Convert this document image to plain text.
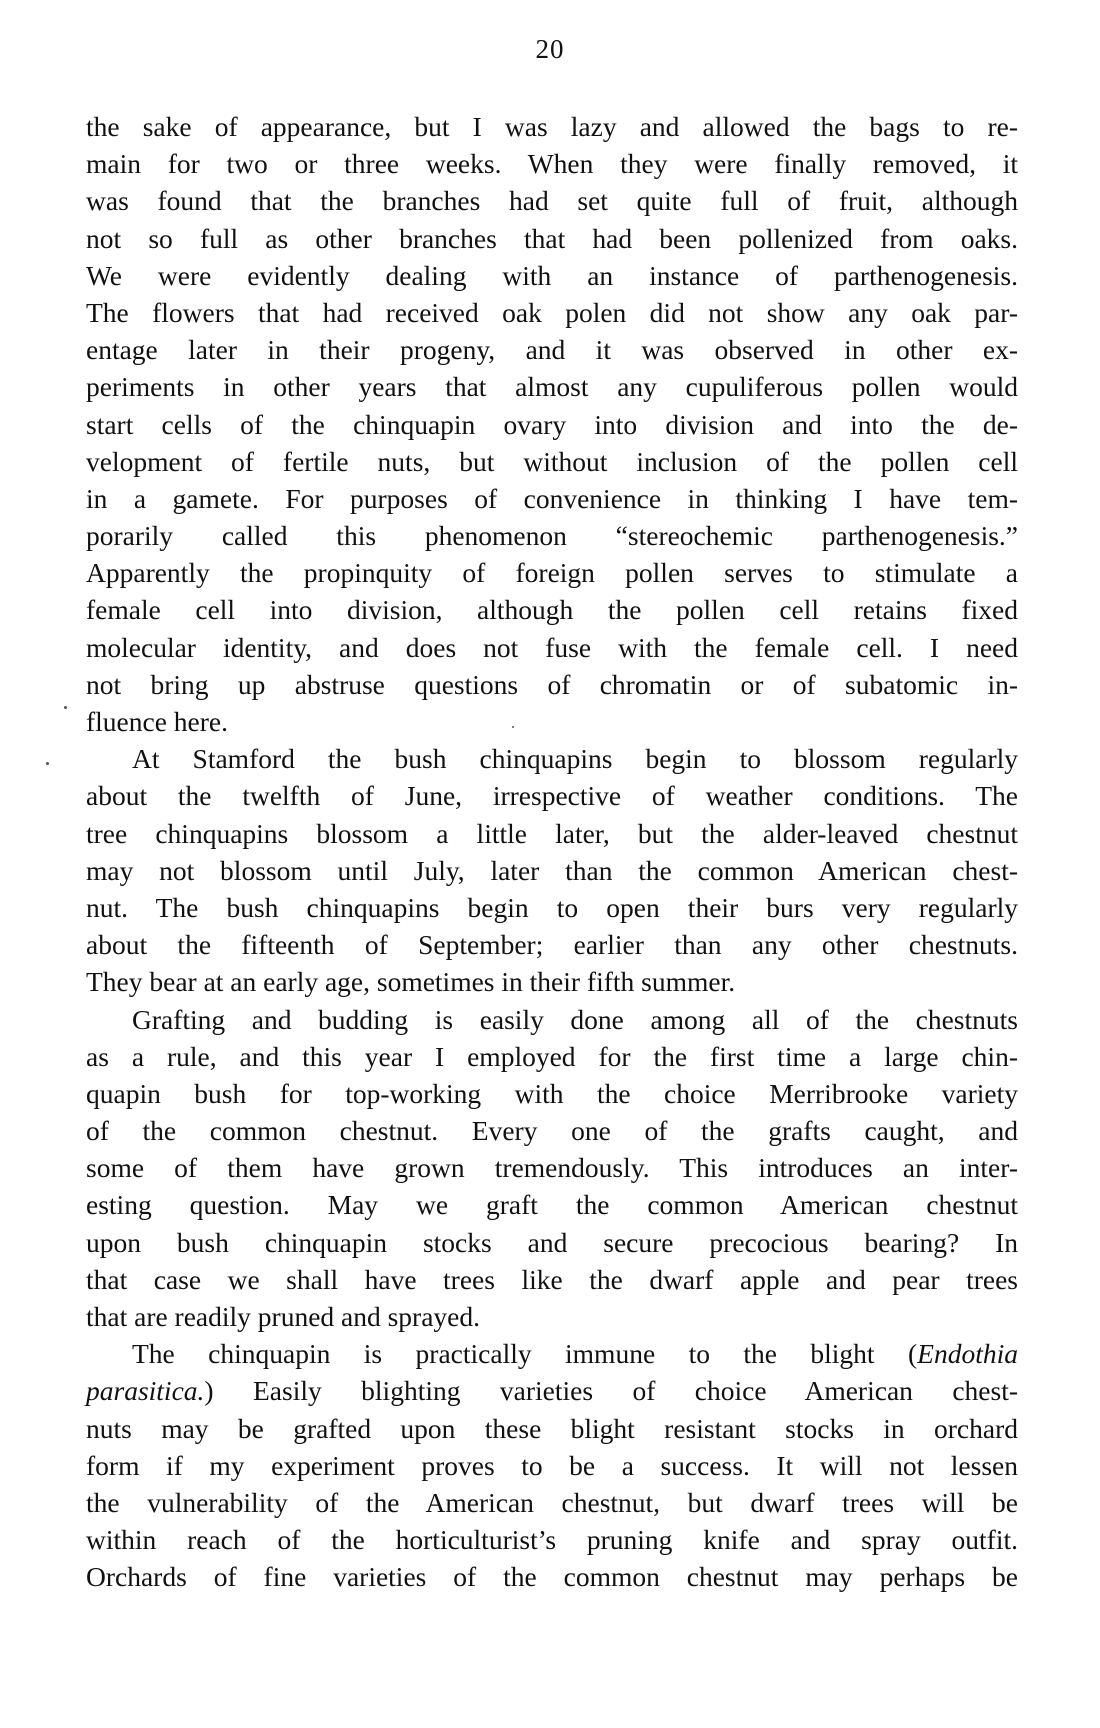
20
the sake of appearance, but I was lazy and allowed the bags to re-
main for two or three weeks. When they were finally removed, it
was found that the branches had set quite full of fruit, although
not so full as other branches that had been pollenized from oaks.
We were evidently dealing with an instance of parthenogenesis.
The flowers that had received oak polen did not show any oak par-
entage later in their progeny, and it was observed in other ex-
periments in other years that almost any cupuliferous pollen would
start cells of the chinquapin ovary into division and into the de-
velopment of fertile nuts, but without inclusion of the pollen cell
in a gamete. For purposes of convenience in thinking I have tem-
porarily called this phenomenon “stereochemic parthenogenesis.”
Apparently the propinquity of foreign pollen serves to stimulate a
female cell into division, although the pollen cell retains fixed
molecular identity, and does not fuse with the female cell. I need
not bring up abstruse questions of chromatin or of subatomic in-
fluence here.
At Stamford the bush chinquapins begin to blossom regularly
about the twelfth of June, irrespective of weather conditions. The
tree chinquapins blossom a little later, but the alder-leaved chestnut
may not blossom until July, later than the common American chest-
nut. The bush chinquapins begin to open their burs very regularly
about the fifteenth of September; earlier than any other chestnuts.
They bear at an early age, sometimes in their fifth summer.
Grafting and budding is easily done among all of the chestnuts
as a rule, and this year I employed for the first time a large chin-
quapin bush for top-working with the choice Merribrooke variety
of the common chestnut. Every one of the grafts caught, and
some of them have grown tremendously. This introduces an inter-
esting question. May we graft the common American chestnut
upon bush chinquapin stocks and secure precocious bearing? In
that case we shall have trees like the dwarf apple and pear trees
that are readily pruned and sprayed.
The chinquapin is practically immune to the blight (Endothia
parasitica.) Easily blighting varieties of choice American chest-
nuts may be grafted upon these blight resistant stocks in orchard
form if my experiment proves to be a success. It will not lessen
the vulnerability of the American chestnut, but dwarf trees will be
within reach of the horticulturist’s pruning knife and spray outfit.
Orchards of fine varieties of the common chestnut may perhaps be
